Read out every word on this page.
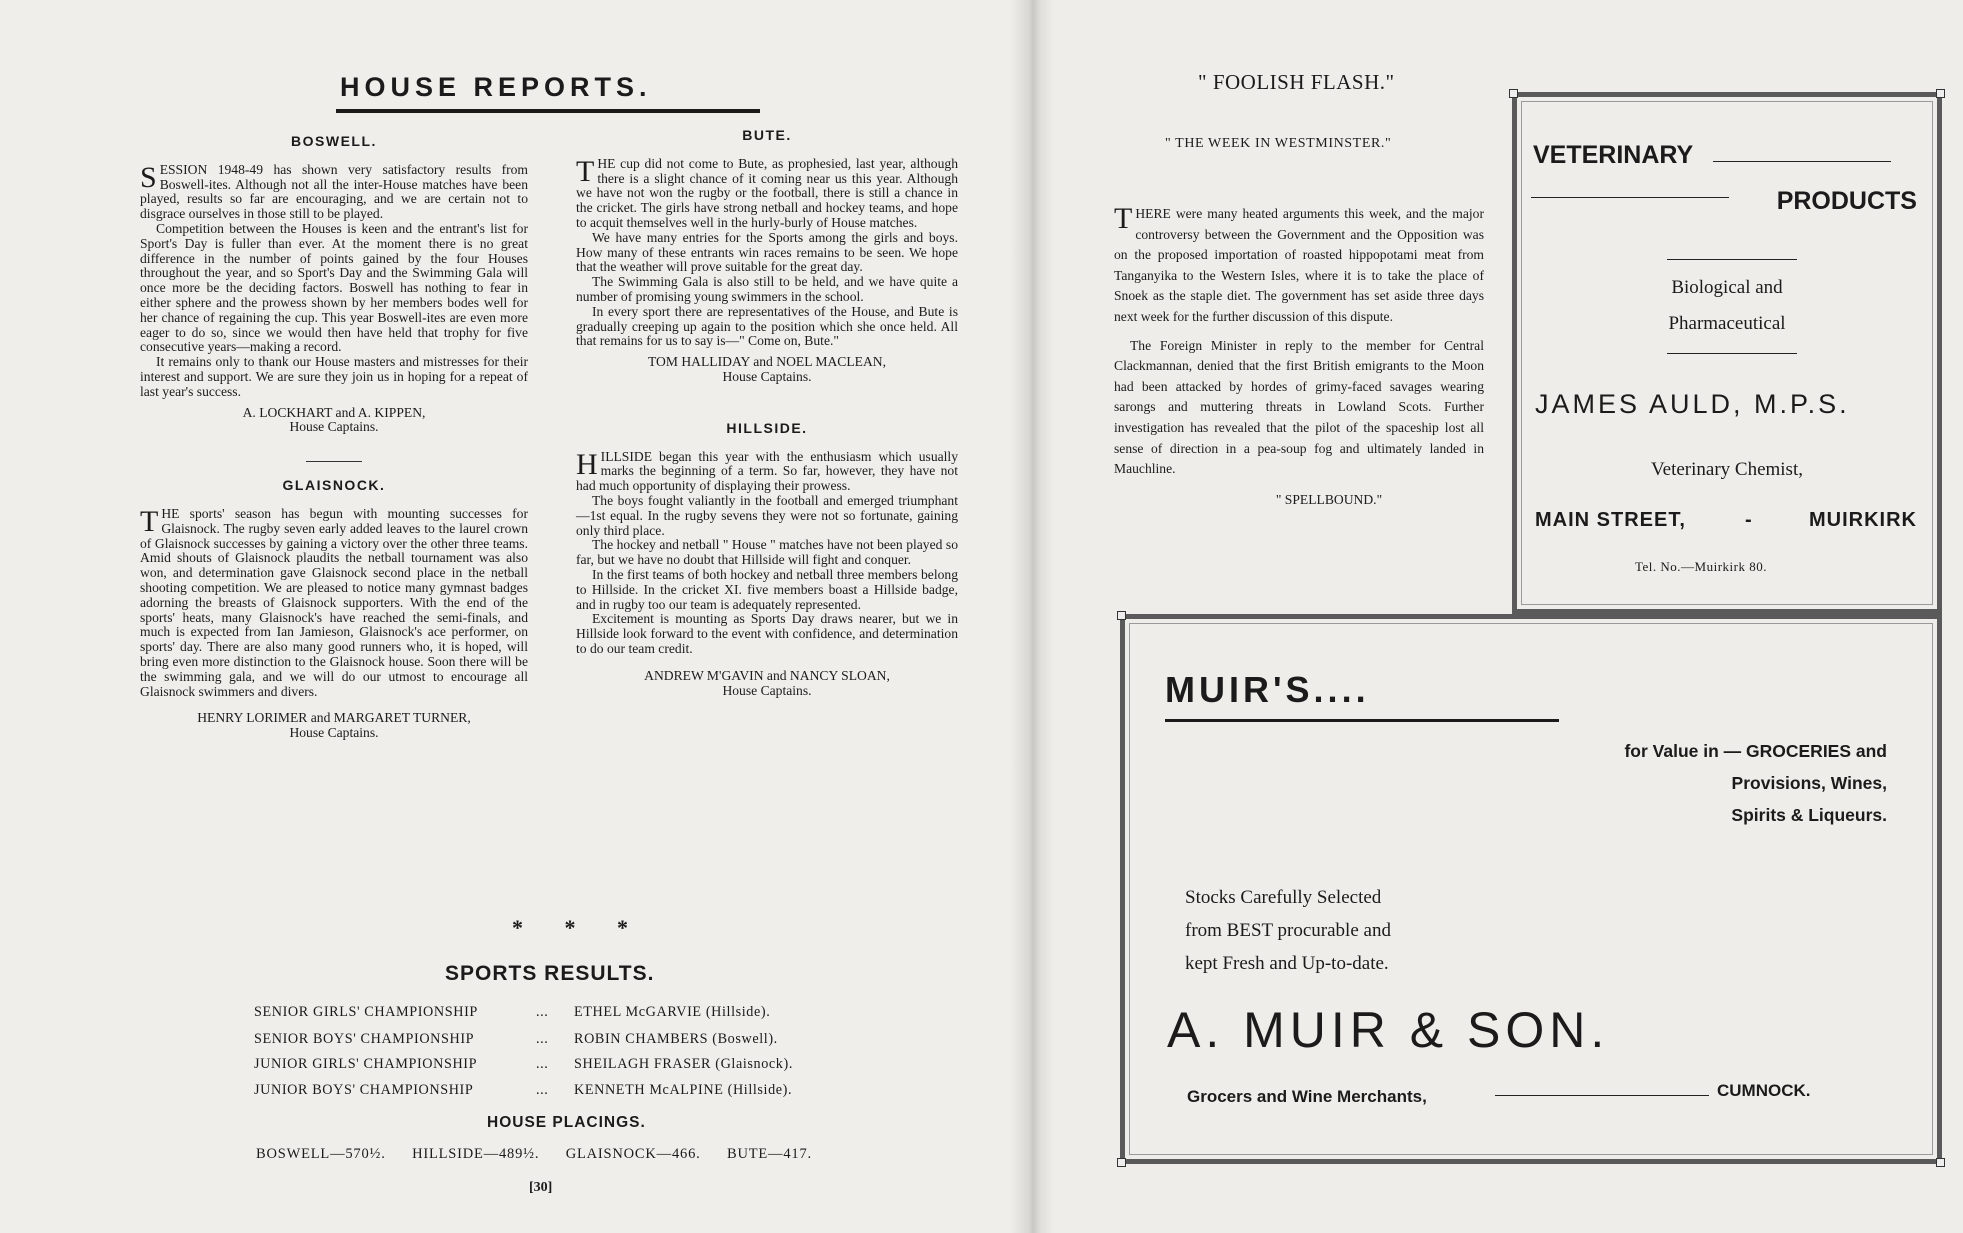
HOUSE REPORTS.
BOSWELL.

SESSION 1948-49 has shown very satisfactory results from Boswell-ites. Although not all the inter-House matches have been played, results so far are encouraging, and we are certain not to disgrace ourselves in those still to be played.

Competition between the Houses is keen and the entrant's list for Sport's Day is fuller than ever. At the moment there is no great difference in the number of points gained by the four Houses throughout the year, and so Sport's Day and the Swimming Gala will once more be the deciding factors. Boswell has nothing to fear in either sphere and the prowess shown by her members bodes well for her chance of regaining the cup. This year Boswell-ites are even more eager to do so, since we would then have held that trophy for five consecutive years—making a record.

It remains only to thank our House masters and mistresses for their interest and support. We are sure they join us in hoping for a repeat of last year's success.

A. LOCKHART and A. KIPPEN,
House Captains.
GLAISNOCK.

THE sports' season has begun with mounting successes for Glaisnock. The rugby seven early added leaves to the laurel crown of Glaisnock successes by gaining a victory over the other three teams. Amid shouts of Glaisnock plaudits the netball tournament was also won, and determination gave Glaisnock second place in the netball shooting competition. We are pleased to notice many gymnast badges adorning the breasts of Glaisnock supporters. With the end of the sports' heats, many Glaisnock's have reached the semi-finals, and much is expected from Ian Jamieson, Glaisnock's ace performer, on sports' day. There are also many good runners who, it is hoped, will bring even more distinction to the Glaisnock house. Soon there will be the swimming gala, and we will do our utmost to encourage all Glaisnock swimmers and divers.

HENRY LORIMER and MARGARET TURNER,
House Captains.
BUTE.

THE cup did not come to Bute, as prophesied, last year, although there is a slight chance of it coming near us this year. Although we have not won the rugby or the football, there is still a chance in the cricket. The girls have strong netball and hockey teams, and hope to acquit themselves well in the hurly-burly of House matches.

We have many entries for the Sports among the girls and boys. How many of these entrants win races remains to be seen. We hope that the weather will prove suitable for the great day.

The Swimming Gala is also still to be held, and we have quite a number of promising young swimmers in the school.

In every sport there are representatives of the House, and Bute is gradually creeping up again to the position which she once held. All that remains for us to say is—" Come on, Bute."

TOM HALLIDAY and NOEL MACLEAN,
House Captains.
HILLSIDE.

HILLSIDE began this year with the enthusiasm which usually marks the beginning of a term. So far, however, they have not had much opportunity of displaying their prowess.

The boys fought valiantly in the football and emerged triumphant—1st equal. In the rugby sevens they were not so fortunate, gaining only third place.

The hockey and netball " House " matches have not been played so far, but we have no doubt that Hillside will fight and conquer.

In the first teams of both hockey and netball three members belong to Hillside. In the cricket XI. five members boast a Hillside badge, and in rugby too our team is adequately represented.

Excitement is mounting as Sports Day draws nearer, but we in Hillside look forward to the event with confidence, and determination to do our team credit.

ANDREW M'GAVIN and NANCY SLOAN,
House Captains.
* * *
SPORTS RESULTS.
SENIOR GIRLS' CHAMPIONSHIP	... ETHEL McGARVIE (Hillside).
SENIOR BOYS' CHAMPIONSHIP	... ROBIN CHAMBERS (Boswell).
JUNIOR GIRLS' CHAMPIONSHIP	... SHEILAGH FRASER (Glaisnock).
JUNIOR BOYS' CHAMPIONSHIP	... KENNETH McALPINE (Hillside).
HOUSE PLACINGS.
BOSWELL—570½. HILLSIDE—489½. GLAISNOCK—466. BUTE—417.
[30]
" FOOLISH FLASH."
" THE WEEK IN WESTMINSTER."

THERE were many heated arguments this week, and the major controversy between the Government and the Opposition was on the proposed importation of roasted hippopotami meat from Tanganyika to the Western Isles, where it is to take the place of Snoek as the staple diet. The government has set aside three days next week for the further discussion of this dispute.

The Foreign Minister in reply to the member for Central Clackmannan, denied that the first British emigrants to the Moon had been attacked by hordes of grimy-faced savages wearing sarongs and muttering threats in Lowland Scots. Further investigation has revealed that the pilot of the spaceship lost all sense of direction in a pea-soup fog and ultimately landed in Mauchline.

" SPELLBOUND."
VETERINARY
PRODUCTS
Biological and
Pharmaceutical
JAMES AULD, M.P.S.
Veterinary Chemist,
MAIN STREET,	-	MUIRKIRK
Tel. No.—Muirkirk 80.
MUIR'S....
for Value in — GROCERIES and
Provisions, Wines,
Spirits & Liqueurs.
Stocks Carefully Selected
from BEST procurable and
kept Fresh and Up-to-date.
A. MUIR & SON.
Grocers and Wine Merchants,	CUMNOCK.
